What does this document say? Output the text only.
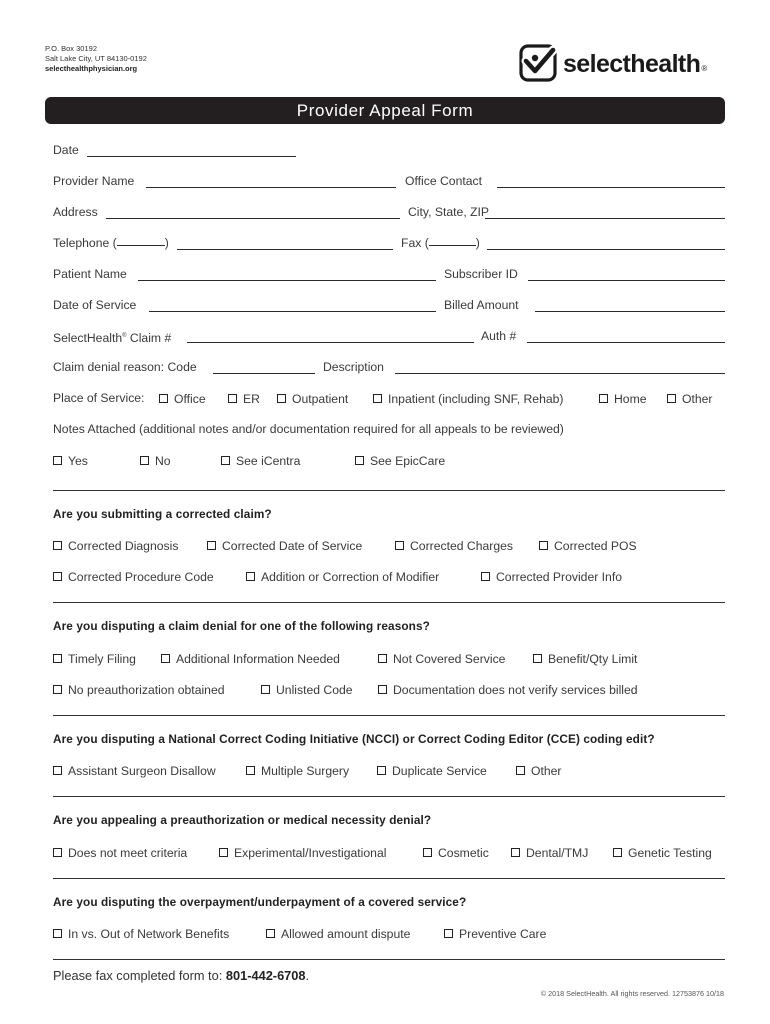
P.O. Box 30192
Salt Lake City, UT 84130-0192
selecthealthphysician.org	selecthealth®
Provider Appeal Form
Date
Provider Name	Office Contact
Address	City, State, ZIP
Telephone (	)	Fax (	)
Patient Name	Subscriber ID
Date of Service	Billed Amount
SelectHealth® Claim #	Auth #
Claim denial reason: Code	Description
Place of Service: Office	ER	Outpatient	Inpatient (including SNF, Rehab)	Home	Other
Notes Attached (additional notes and/or documentation required for all appeals to be reviewed)
Yes	No	See iCentra	See EpicCare
Are you submitting a corrected claim?
Corrected Diagnosis	Corrected Date of Service	Corrected Charges	Corrected POS
Corrected Procedure Code	Addition or Correction of Modifier	Corrected Provider Info
Are you disputing a claim denial for one of the following reasons?
Timely Filing	Additional Information Needed	Not Covered Service	Benefit/Qty Limit
No preauthorization obtained	Unlisted Code	Documentation does not verify services billed
Are you disputing a National Correct Coding Initiative (NCCI) or Correct Coding Editor (CCE) coding edit?
Assistant Surgeon Disallow	Multiple Surgery	Duplicate Service	Other
Are you appealing a preauthorization or medical necessity denial?
Does not meet criteria	Experimental/Investigational	Cosmetic	Dental/TMJ	Genetic Testing
Are you disputing the overpayment/underpayment of a covered service?
In vs. Out of Network Benefits	Allowed amount dispute	Preventive Care
Please fax completed form to: 801-442-6708.
© 2018 SelectHealth. All rights reserved. 12753876 10/18
